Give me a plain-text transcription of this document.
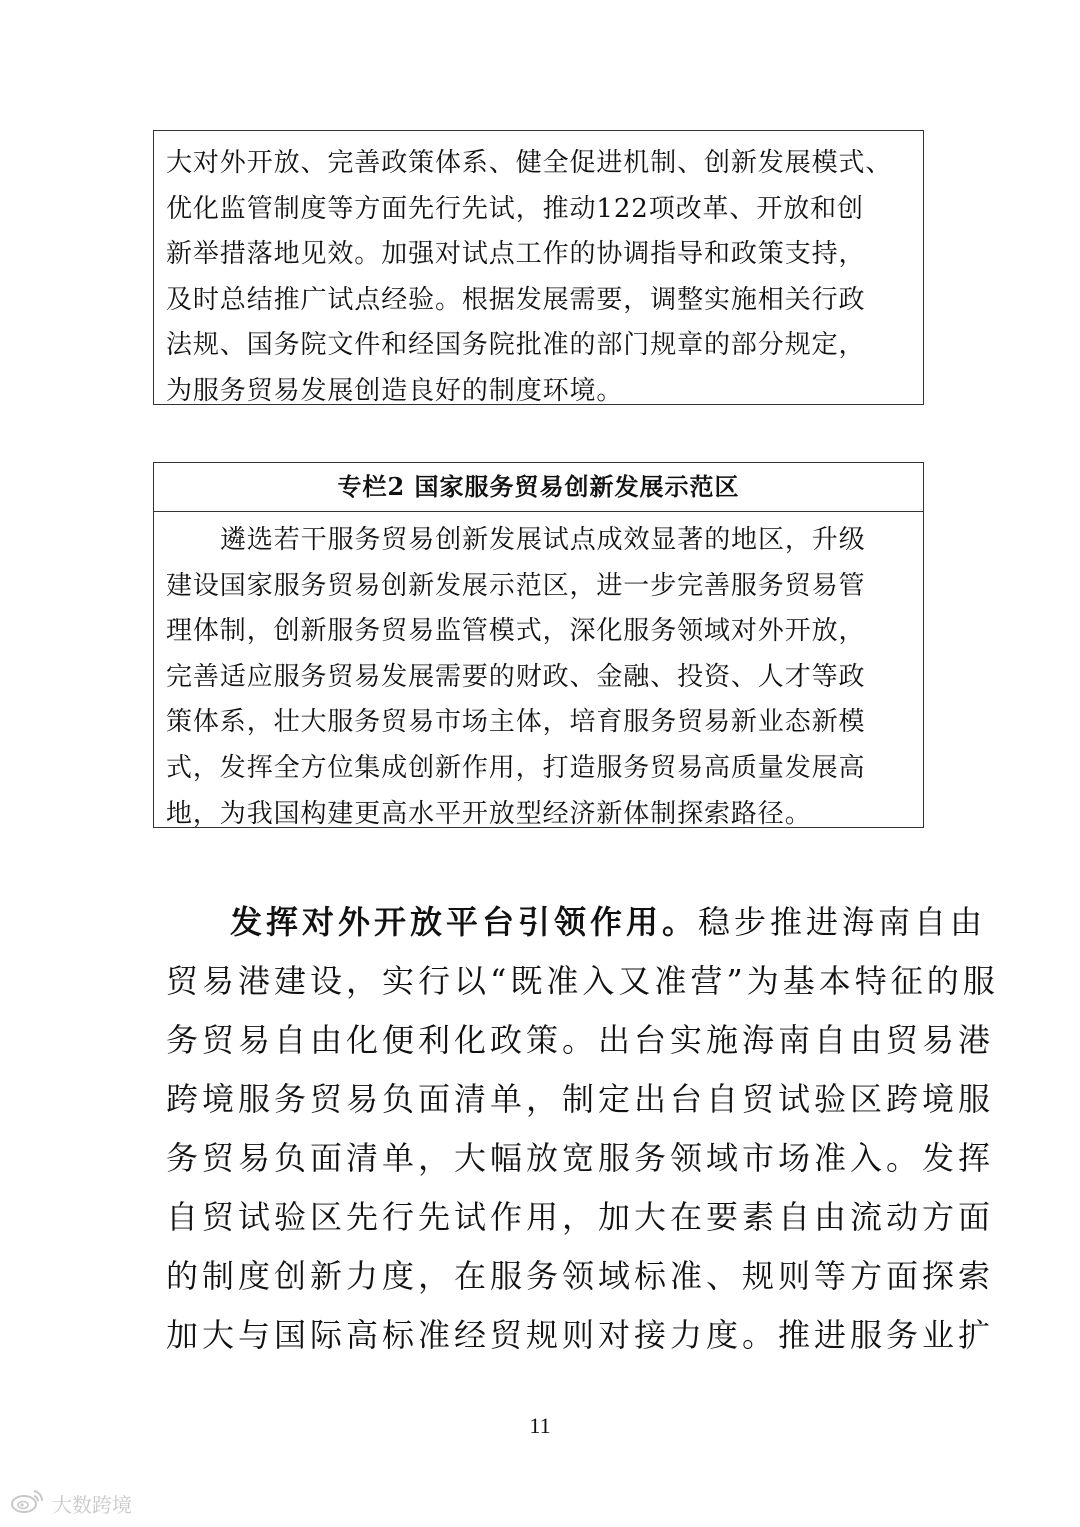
大对外开放、完善政策体系、健全促进机制、创新发展模式、
优化监管制度等方面先行先试，推动122项改革、开放和创
新举措落地见效。加强对试点工作的协调指导和政策支持，
及时总结推广试点经验。根据发展需要，调整实施相关行政
法规、国务院文件和经国务院批准的部门规章的部分规定，
为服务贸易发展创造良好的制度环境。
专栏2 国家服务贸易创新发展示范区
遴选若干服务贸易创新发展试点成效显著的地区，升级
建设国家服务贸易创新发展示范区，进一步完善服务贸易管
理体制，创新服务贸易监管模式，深化服务领域对外开放，
完善适应服务贸易发展需要的财政、金融、投资、人才等政
策体系，壮大服务贸易市场主体，培育服务贸易新业态新模
式，发挥全方位集成创新作用，打造服务贸易高质量发展高
地，为我国构建更高水平开放型经济新体制探索路径。
发挥对外开放平台引领作用。稳步推进海南自由
贸易港建设，实行以“既准入又准营”为基本特征的服
务贸易自由化便利化政策。出台实施海南自由贸易港
跨境服务贸易负面清单，制定出台自贸试验区跨境服
务贸易负面清单，大幅放宽服务领域市场准入。发挥
自贸试验区先行先试作用，加大在要素自由流动方面
的制度创新力度，在服务领域标准、规则等方面探索
加大与国际高标准经贸规则对接力度。推进服务业扩
11
大数跨境
